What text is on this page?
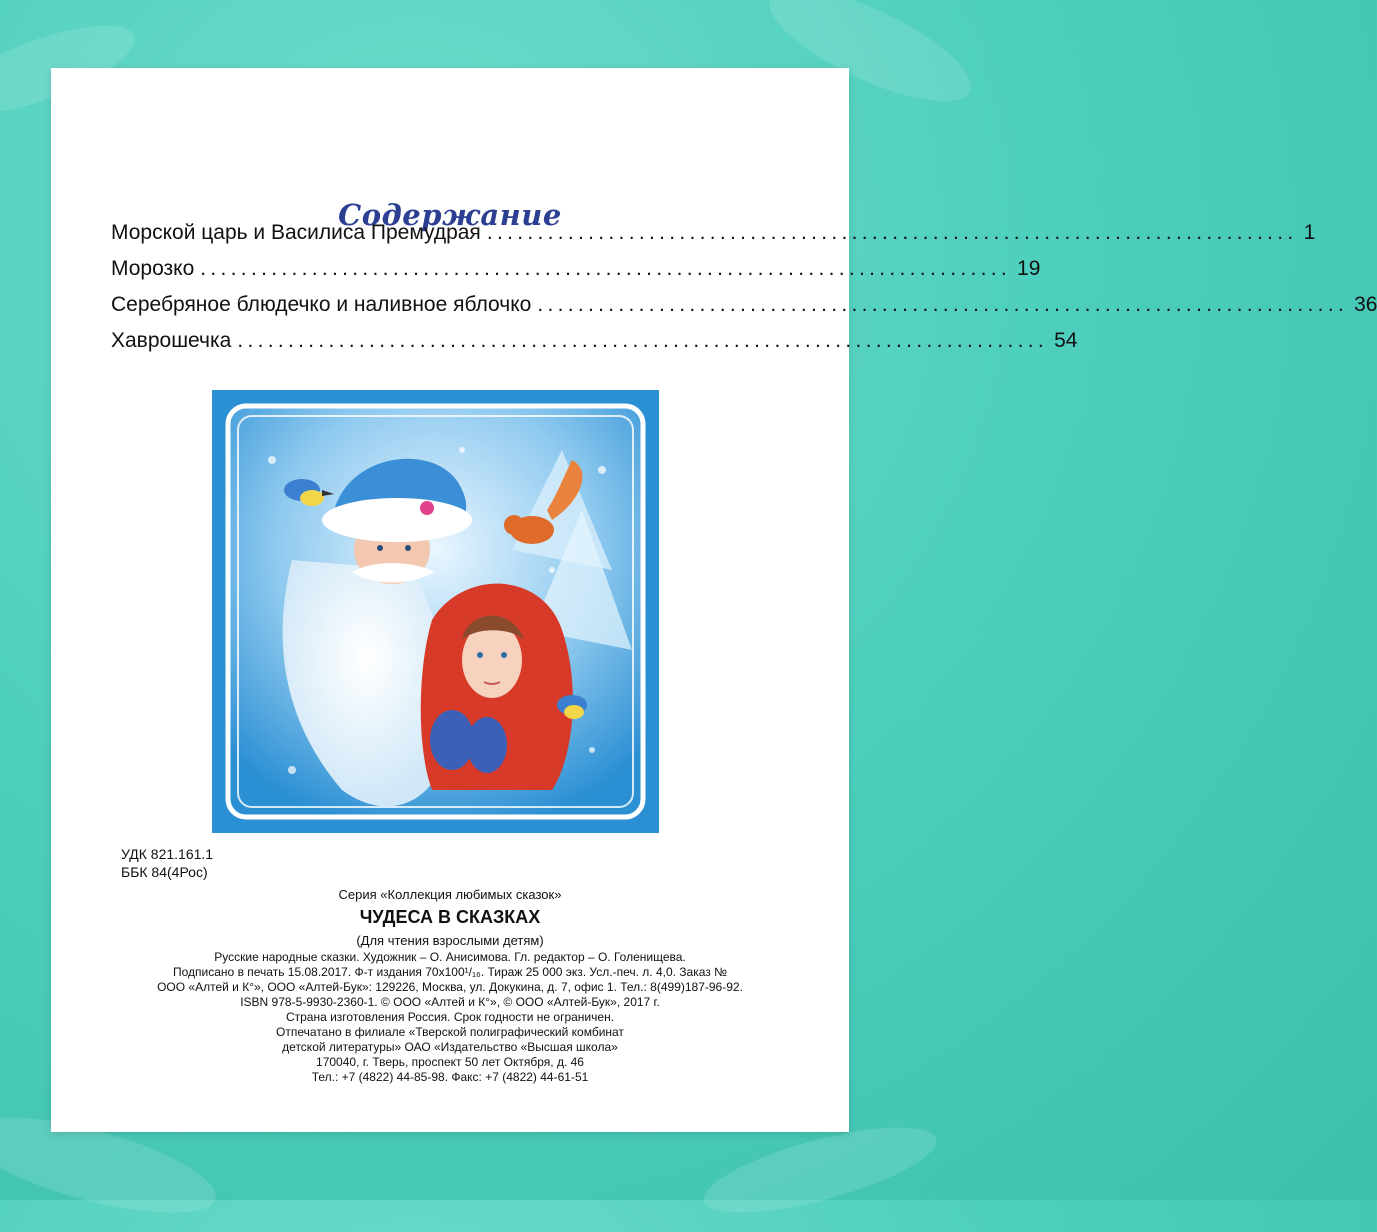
Содержание
Морской царь и Василиса Премудрая ................................................................................ 1
Морозко ................................................................................ 19
Серебряное блюдечко и наливное яблочко ................................................................................ 36
Хаврошечка ................................................................................ 54
УДК 821.161.1
ББК 84(4Рос)
Серия «Коллекция любимых сказок»
ЧУДЕСА В СКАЗКАХ
(Для чтения взрослыми детям)
Русские народные сказки. Художник – О. Анисимова. Гл. редактор – О. Голенищева.
Подписано в печать 15.08.2017. Ф-т издания 70х100¹/₁₆. Тираж 25 000 экз. Усл.-печ. л. 4,0. Заказ №
ООО «Алтей и К°», ООО «Алтей-Бук»: 129226, Москва, ул. Докукина, д. 7, офис 1. Тел.: 8(499)187-96-92.
ISBN 978-5-9930-2360-1. © ООО «Алтей и К°», © ООО «Алтей-Бук», 2017 г.
Страна изготовления Россия. Срок годности не ограничен.
Отпечатано в филиале «Тверской полиграфический комбинат
детской литературы» ОАО «Издательство «Высшая школа»
170040, г. Тверь, проспект 50 лет Октября, д. 46
Тел.: +7 (4822) 44-85-98. Факс: +7 (4822) 44-61-51
